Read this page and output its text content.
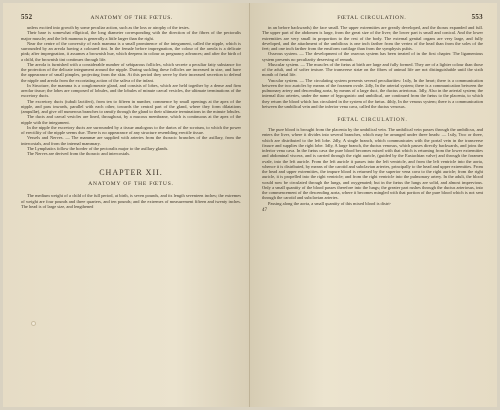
552	ANATOMY OF THE FŒTUS.

unless excited into growth by some peculiar action, such as the loss or atrophy of the testes.

Their base is somewhat elliptical, the long diameter corresponding with the direction of the fibres of the pectoralis major muscle; and the left mamma is generally a little larger than the right.

Near the centre of the convexity of each mamma is a small prominence of the integument, called the nipple, which is surrounded by an areola having a coloured tint. In the female before impregnation, the colour of the areola is a delicate pink; after impregnation, it assumes a brownish hue, which deepens in colour as pregnancy advances; and after the birth of a child, the brownish tint continues through life.

The areola is furnished with a considerable number of sebiparous follicles, which secrete a peculiar fatty substance for the protection of the delicate integument around the nipple. During suckling these follicles are increased in size, and have the appearance of small pimples, projecting from the skin. At this period they serve by their increased secretion to defend the nipple and areola from the excoriating action of the saliva of the infant.

In Structure, the mamma is a conglomerate gland, and consists of lobes, which are held together by a dense and firm areolar tissue; the lobes are composed of lobules, and the lobules of minute caecal vesicles, the ultimate terminations of the excretory ducts.

The excretory ducts (tubuli lactiferi), from ten to fifteen in number, commence by small openings at the apex of the nipple, and pass inwards, parallel with each other, towards the central part of the gland, where they form dilatations (ampullæ), and give off numerous branches to ramify through the gland to their ultimate terminations in the minute lobules.

The ducts and caecal vesicles are lined, throughout, by a mucous membrane, which is continuous at the apex of the nipple with the integument.

In the nipple the excretory ducts are surrounded by a tissue analogous to the dartos of the scrotum, to which the power of erectility of the nipple seems due. There is no appearance of any structure resembling erectile tissue.

Vessels and Nerves. — The mammæ are supplied with arteries from the thoracic branches of the axillary, from the intercostals, and from the internal mammary.

The Lymphatics follow the border of the pectoralis major to the axillary glands.

The Nerves are derived from the thoracic and intercostals.

CHAPTER XII.
ANATOMY OF THE FŒTUS.

The medium weight of a child of the full period, at birth, is seven pounds, and its length seventeen inches; the extremes of weight are four pounds and three quarters, and ten pounds; and the extremes of measurement fifteen and twenty inches. The head is of large size, and lengthened

FŒTAL CIRCULATION.	553

in an before backwards) the face small. The upper extremities are greatly developed, and the thorax expanded and full. The upper part of the abdomen is large, from the great size of the liver; the lower part is small and conical. And the lower extremities are very small in proportion to the rest of the body. The external genital organs are very large, and fully developed, and the attachment of the umbilicus is one inch farther from the vertex of the head than from the soles of the feet; and one inch farther from the ensiform cartilage than from the symphysis pubis.

Osseous system. — The development of the osseous system has been treated of in the first chapter. The ligamentous system presents no peculiarity deserving of remark.

Muscular system. — The muscles of the fœtus at birth are large and fully formed. They are of a lighter colour than those of the adult, and of softer texture. The transverse striæ on the fibres of animal life are not distinguishable until the sixth month of fœtal life.

Vascular system. — The circulating system presents several peculiarities: 1stly, In the heart; there is a communication between the two auricles by means of the foramen ovale. 2dly, In the arterial system; there is a communication between the pulmonary artery and descending aorta, by means of a large duct, the ductus arteriosus. 3dly, Also in the arterial system; the internal iliac arteries, under the name of hypogastric and umbilical, are continued from the fœtus to the placenta, to which they return the blood which has circulated in the system of the fœtus. 4thly, In the venous system; there is a communication between the umbilical vein and the inferior vena cava, called the ductus venosus.

FŒTAL CIRCULATION.

The pure blood is brought from the placenta by the umbilical vein. The umbilical vein passes through the umbilicus, and enters the liver, where it divides into several branches, which may be arranged under three heads: — 1stly, Two or three, which are distributed to the left lobe. 2dly, A single branch, which communicates with the portal vein in the transverse fissure and supplies the right lobe. 3dly, A large branch, the ductus venosus, which passes directly backwards, and joins the inferior vena cava. In the fœtus cava the pure blood becomes mixed with that which is returning from the lower extremities and abdominal viscera, and is carried through the right auricle, (guided by the Eustachian valve) and through the foramen ovale, into the left auricle. From the left auricle it passes into the left ventricle, and from the left ventricle into the aorta, whence it is distributed, by means of the carotid and subclavian arteries, principally to the head and upper extremities. From the head and upper extremities, the impure blood is returned by the superior vena cava to the right auricle; from the right auricle, it is propelled into the right ventricle; and from the right ventricle into the pulmonary artery. In the adult, the blood would now be circulated through the lungs, and oxygenated; but in the fœtus the lungs are solid, and almost impervious. Only a small quantity of the blood passes therefore into the lungs; the greater part rushes through the ductus arteriosus, into the commencement of the descending aorta, where it becomes mingled with that portion of the pure blood which is not sent through the carotid and subclavian arteries.

Passing along the aorta, a small quantity of this mixed blood is distri-

47
